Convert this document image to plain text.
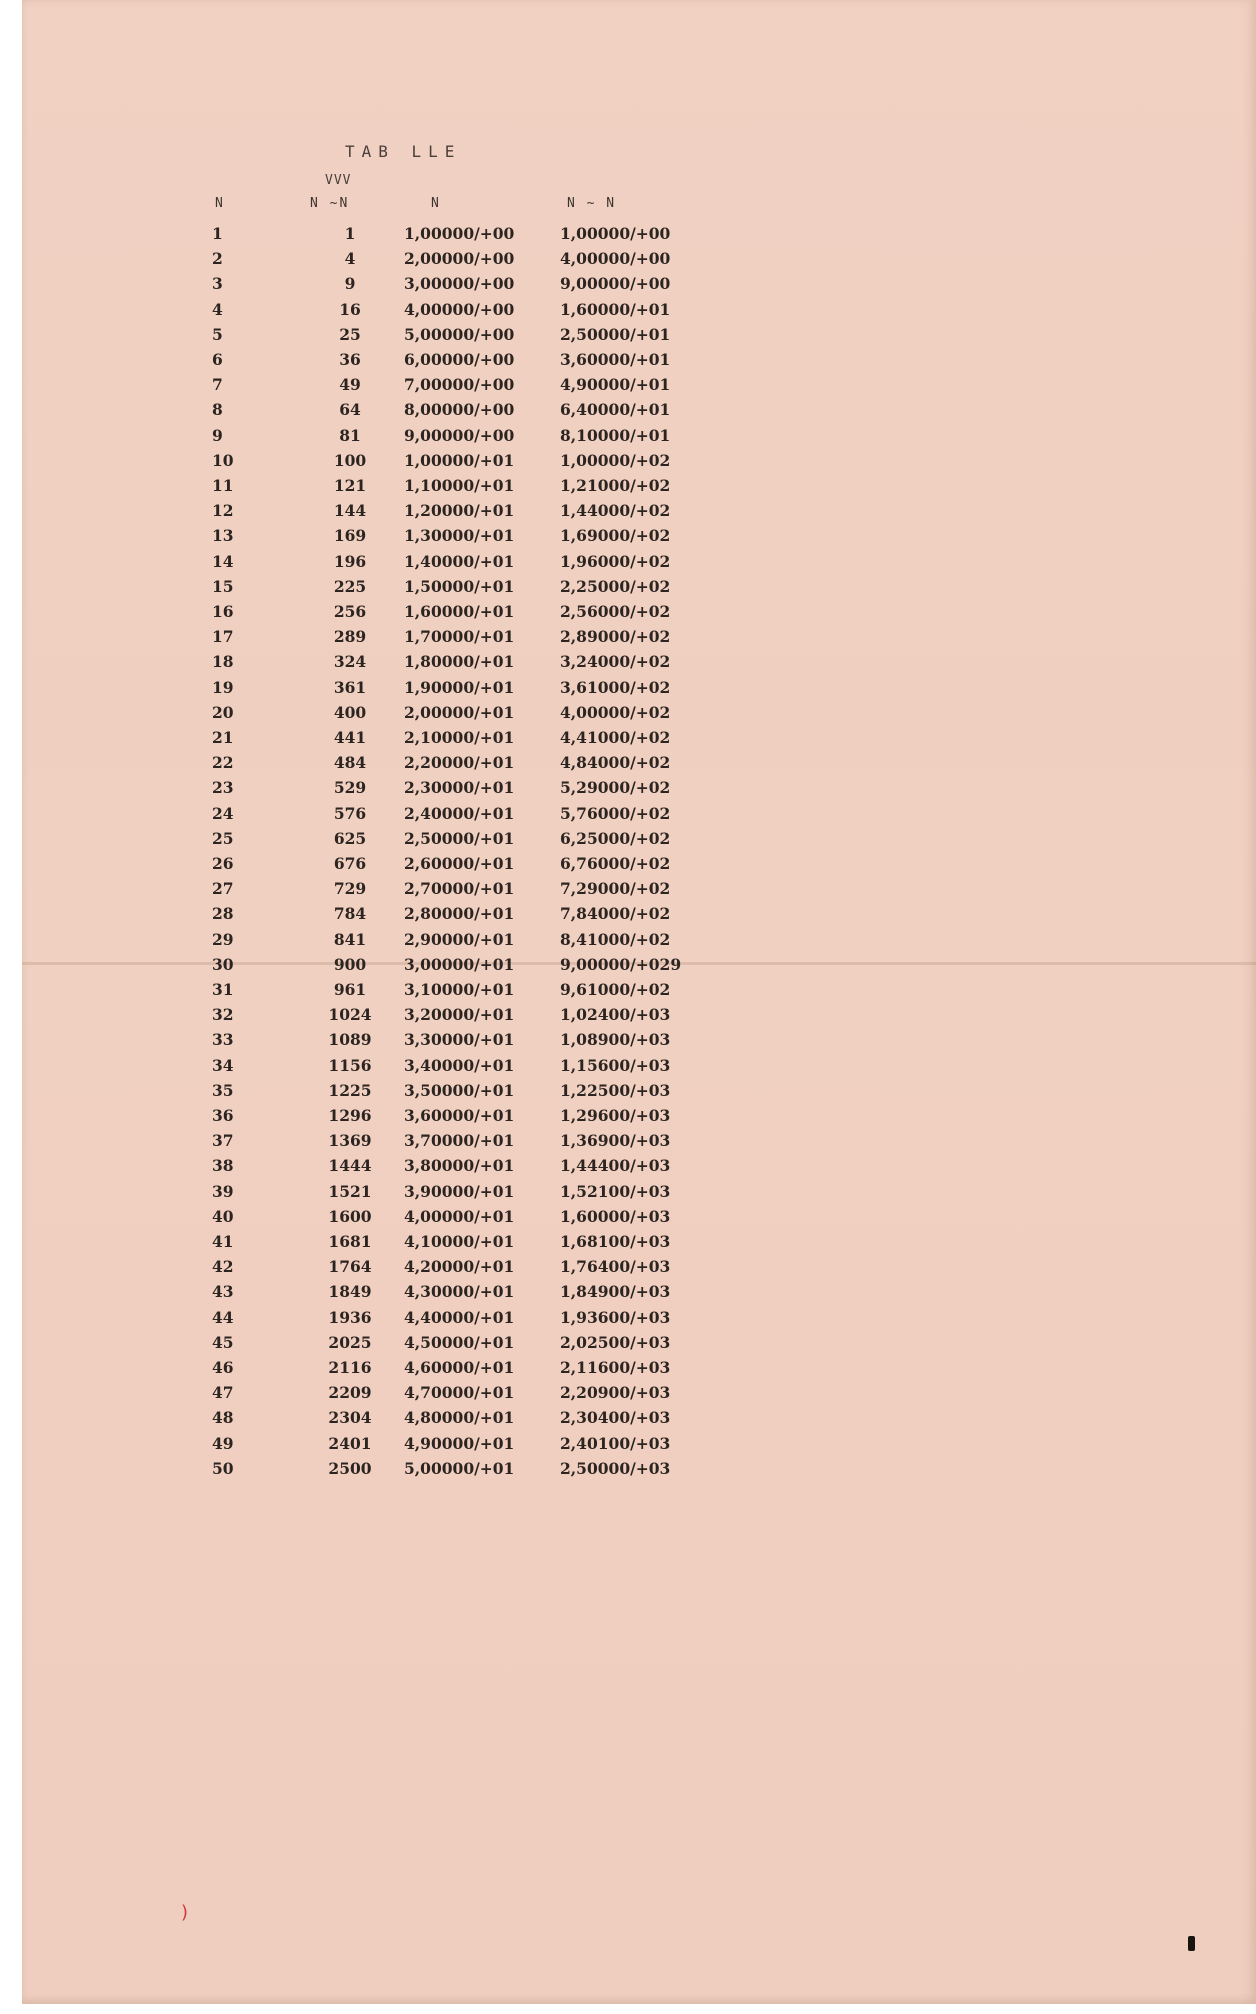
TAB LLE
VVV
N	N ~N	N	N ~ N
1	1	1,00000/+00	1,00000/+00
2	4	2,00000/+00	4,00000/+00
3	9	3,00000/+00	9,00000/+00
4	16	4,00000/+00	1,60000/+01
5	25	5,00000/+00	2,50000/+01
6	36	6,00000/+00	3,60000/+01
7	49	7,00000/+00	4,90000/+01
8	64	8,00000/+00	6,40000/+01
9	81	9,00000/+00	8,10000/+01
10	100	1,00000/+01	1,00000/+02
11	121	1,10000/+01	1,21000/+02
12	144	1,20000/+01	1,44000/+02
13	169	1,30000/+01	1,69000/+02
14	196	1,40000/+01	1,96000/+02
15	225	1,50000/+01	2,25000/+02
16	256	1,60000/+01	2,56000/+02
17	289	1,70000/+01	2,89000/+02
18	324	1,80000/+01	3,24000/+02
19	361	1,90000/+01	3,61000/+02
20	400	2,00000/+01	4,00000/+02
21	441	2,10000/+01	4,41000/+02
22	484	2,20000/+01	4,84000/+02
23	529	2,30000/+01	5,29000/+02
24	576	2,40000/+01	5,76000/+02
25	625	2,50000/+01	6,25000/+02
26	676	2,60000/+01	6,76000/+02
27	729	2,70000/+01	7,29000/+02
28	784	2,80000/+01	7,84000/+02
29	841	2,90000/+01	8,41000/+02
30	900	3,00000/+01	9,00000/+029
31	961	3,10000/+01	9,61000/+02
32	1024	3,20000/+01	1,02400/+03
33	1089	3,30000/+01	1,08900/+03
34	1156	3,40000/+01	1,15600/+03
35	1225	3,50000/+01	1,22500/+03
36	1296	3,60000/+01	1,29600/+03
37	1369	3,70000/+01	1,36900/+03
38	1444	3,80000/+01	1,44400/+03
39	1521	3,90000/+01	1,52100/+03
40	1600	4,00000/+01	1,60000/+03
41	1681	4,10000/+01	1,68100/+03
42	1764	4,20000/+01	1,76400/+03
43	1849	4,30000/+01	1,84900/+03
44	1936	4,40000/+01	1,93600/+03
45	2025	4,50000/+01	2,02500/+03
46	2116	4,60000/+01	2,11600/+03
47	2209	4,70000/+01	2,20900/+03
48	2304	4,80000/+01	2,30400/+03
49	2401	4,90000/+01	2,40100/+03
50	2500	5,00000/+01	2,50000/+03
)
